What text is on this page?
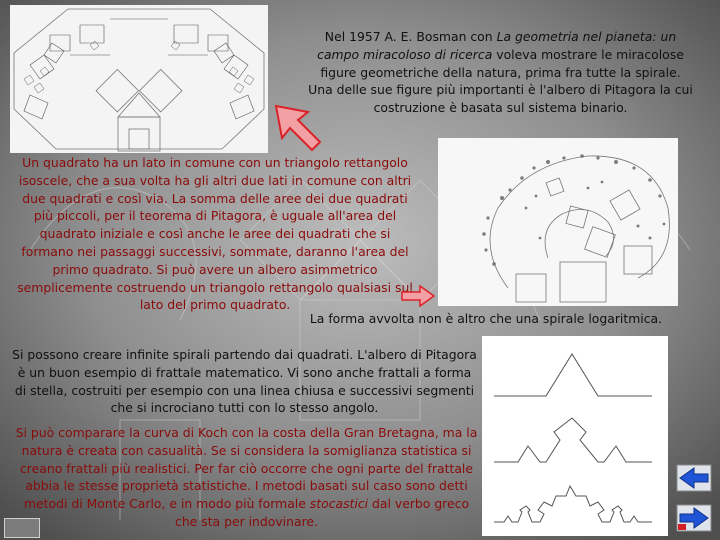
Nel 1957 A. E. Bosman con La geometria nel pianeta: un campo miracoloso di ricerca voleva mostrare le miracolose figure geometriche della natura, prima fra tutte la spirale. Una delle sue figure più importanti è l'albero di Pitagora la cui costruzione è basata sul sistema binario.

Un quadrato ha un lato in comune con un triangolo rettangolo isoscele, che a sua volta ha gli altri due lati in comune con altri due quadrati e così via. La somma delle aree dei due quadrati più piccoli, per il teorema di Pitagora, è uguale all'area del quadrato iniziale e così anche le aree dei quadrati che si formano nei passaggi successivi, sommate, daranno l'area del primo quadrato. Si può avere un albero asimmetrico semplicemente costruendo un triangolo rettangolo qualsiasi sul lato del primo quadrato.

La forma avvolta non è altro che una spirale logaritmica.

Si possono creare infinite spirali partendo dai quadrati. L'albero di Pitagora è un buon esempio di frattale matematico. Vi sono anche frattali a forma di stella, costruiti per esempio con una linea chiusa e successivi segmenti che si incrociano tutti con lo stesso angolo.

Si può comparare la curva di Koch con la costa della Gran Bretagna, ma la natura è creata con casualità. Se si considera la somiglianza statistica si creano frattali più realistici. Per far ciò occorre che ogni parte del frattale abbia le stesse proprietà statistiche. I metodi basati sul caso sono detti metodi di Monte Carlo, e in modo più formale stocastici dal verbo greco che sta per indovinare.
